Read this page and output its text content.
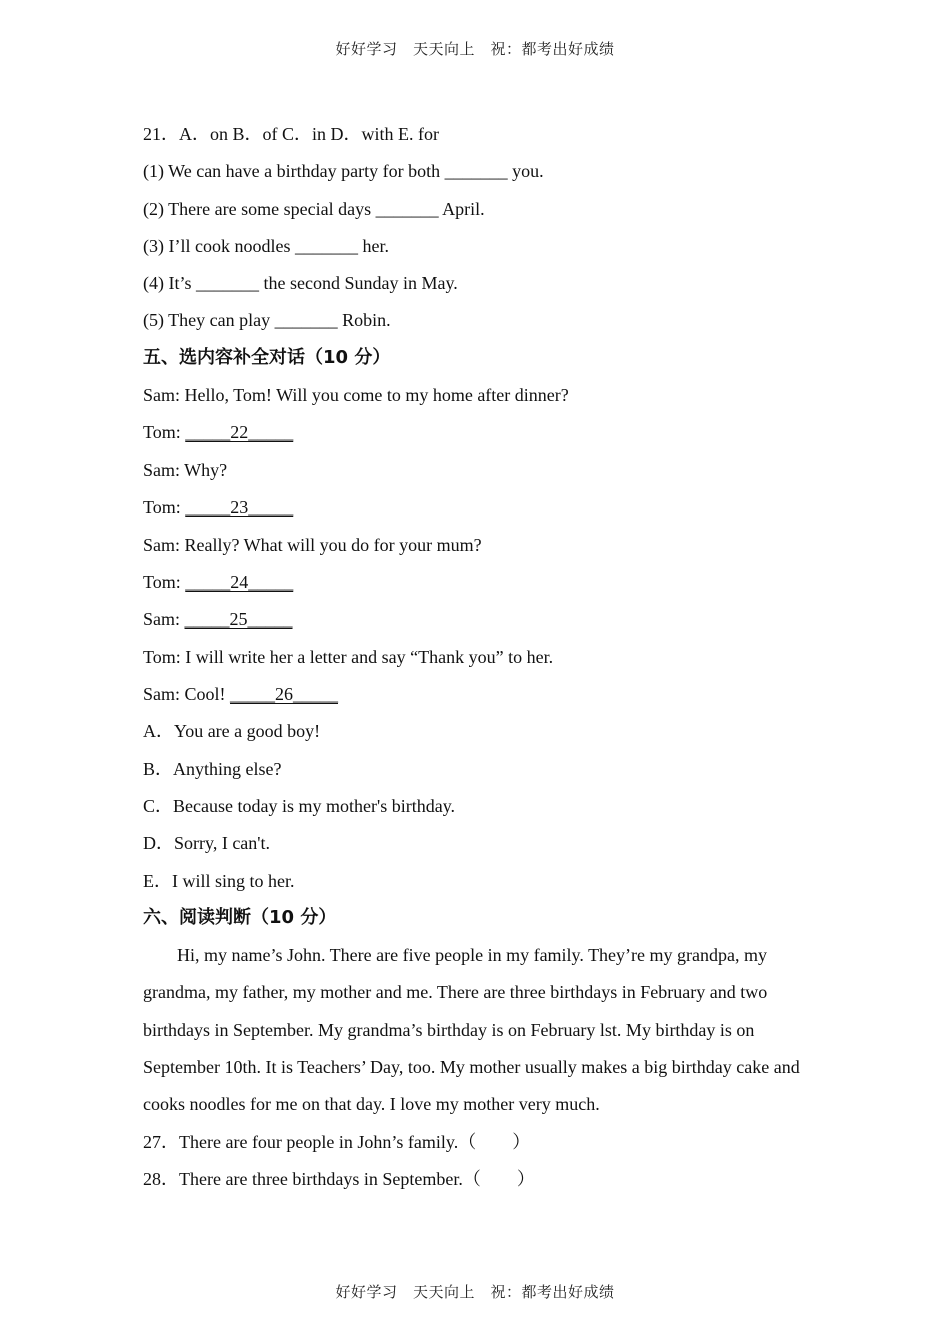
好好学习　天天向上　祝：都考出好成绩
21．A．on B．of C．in D．with E. for
(1) We can have a birthday party for both _______ you.
(2) There are some special days _______ April.
(3) I’ll cook noodles _______ her.
(4) It’s _______ the second Sunday in May.
(5) They can play _______ Robin.
五、选内容补全对话（10 分）
Sam: Hello, Tom! Will you come to my home after dinner?
Tom: _____22_____
Sam: Why?
Tom: _____23_____
Sam: Really? What will you do for your mum?
Tom: _____24_____
Sam: _____25_____
Tom: I will write her a letter and say “Thank you” to her.
Sam: Cool! _____26_____
A．You are a good boy!
B．Anything else?
C．Because today is my mother's birthday.
D．Sorry, I can't.
E．I will sing to her.
六、阅读判断（10 分）
Hi, my name’s John. There are five people in my family. They’re my grandpa, my grandma, my father, my mother and me. There are three birthdays in February and two birthdays in September. My grandma’s birthday is on February lst. My birthday is on September 10th. It is Teachers’ Day, too. My mother usually makes a big birthday cake and cooks noodles for me on that day. I love my mother very much.
27．There are four people in John’s family.（　　）
28．There are three birthdays in September.（　　）
好好学习　天天向上　祝：都考出好成绩
